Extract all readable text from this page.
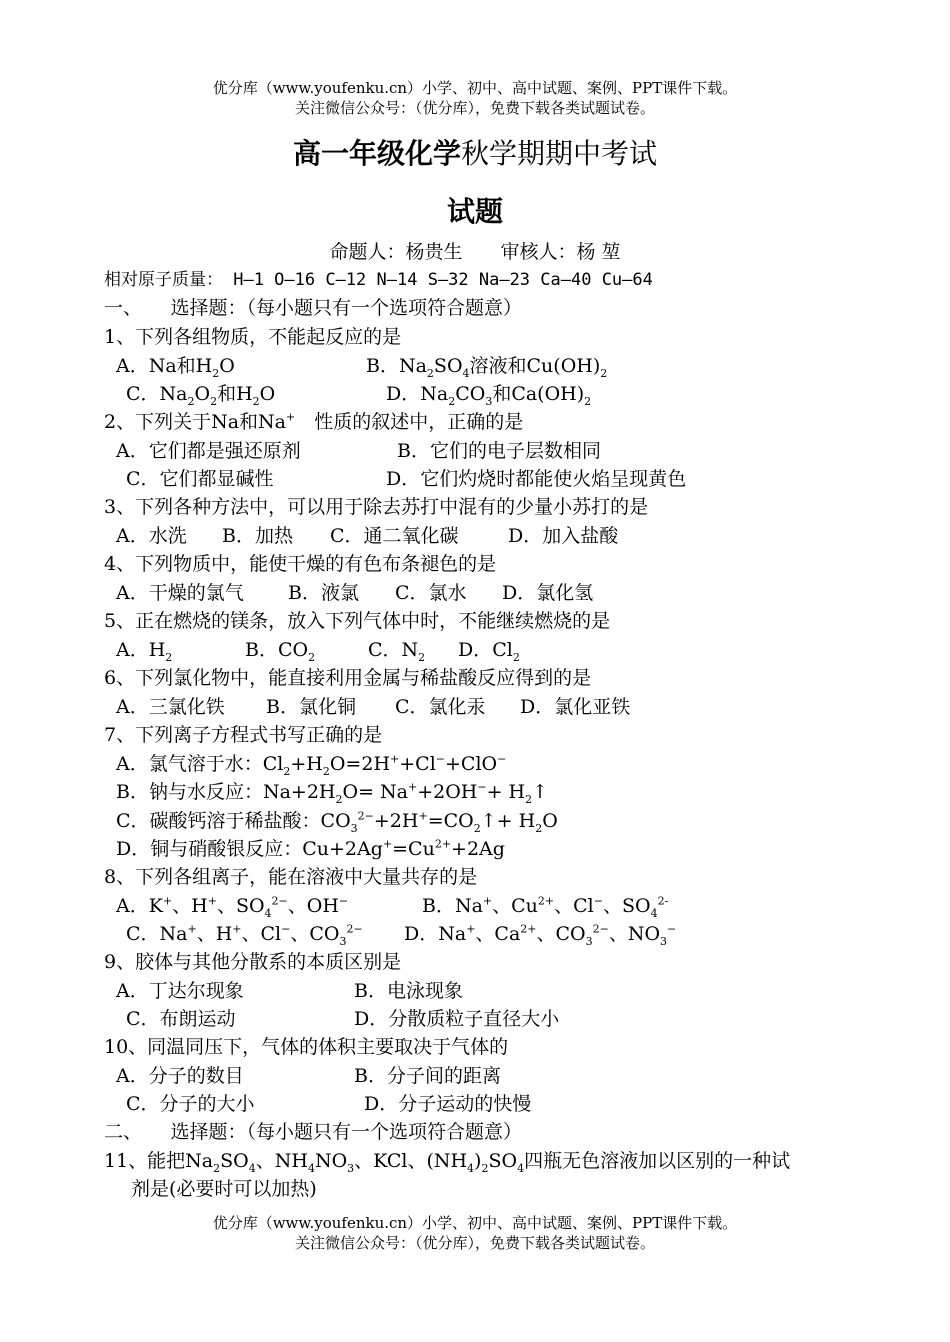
优分库（www.youfenku.cn）小学、初中、高中试题、案例、PPT课件下载。
关注微信公众号：（优分库），免费下载各类试题试卷。
高一年级化学秋学期期中考试
试题
命题人：杨贵生　　审核人：杨 堃
相对原子质量： H—1 O—16 C—12 N—14 S—32 Na—23 Ca—40 Cu—64
一、　　选择题：（每小题只有一个选项符合题意）
1、下列各组物质，不能起反应的是
A．Na和$H_2O$	B．$Na_2SO_4$溶液和$Cu(OH)_2$
C．$Na_2O_2$和$H_2O$	D．$Na_2CO_3$和$Ca(OH)_2$
2、下列关于Na和Na+　性质的叙述中，正确的是
A．它们都是强还原剂	B．它们的电子层数相同
C．它们都显碱性	D．它们灼烧时都能使火焰呈现黄色
3、下列各种方法中，可以用于除去苏打中混有的少量小苏打的是
A．水洗 B．加热 C．通二氧化碳	D．加入盐酸
4、下列物质中，能使干燥的有色布条褪色的是
A．干燥的氯气 B．液氯 C．氯水 D．氯化氢
5、正在燃烧的镁条，放入下列气体中时，不能继续燃烧的是
A．$H_2$	B．$CO_2$	C．$N_2$ D．$Cl_2$
6、下列氯化物中，能直接利用金属与稀盐酸反应得到的是
A．三氯化铁 B．氯化铜 C．氯化汞 D．氯化亚铁
7、下列离子方程式书写正确的是
A．氯气溶于水：$Cl_2+H_2O=2H^++Cl^-+ClO^-$
B．钠与水反应：$Na+2H_2O= Na^++2OH^-+$ $H_2↑$
C．碳酸钙溶于稀盐酸：$CO_3^{2-}+2H^+=CO_2↑+ H_2O$
D．铜与硝酸银反应：$Cu+2Ag^+=Cu^{2+}+2Ag$
8、下列各组离子，能在溶液中大量共存的是
A．K+、H+、$SO_4^{2-}$、OH−	B．Na+、$Cu^{2+}$、Cl−、$SO_4^{2-}$
C．Na+、H+、Cl−、$CO_3^{2-}$ D．Na+、$Ca^{2+}$、$CO_3^{2-}$、$NO_3^-$
9、胶体与其他分散系的本质区别是
A．丁达尔现象	B．电泳现象
C．布朗运动	D．分散质粒子直径大小
10、同温同压下，气体的体积主要取决于气体的
A．分子的数目	B．分子间的距离
C．分子的大小	D．分子运动的快慢
二、　　选择题：（每小题只有一个选项符合题意）
11、能把$Na_2SO_4$、$NH_4NO_3$、KCl、$(NH_4)_2SO_4$四瓶无色溶液加以区别的一种试
剂是(必要时可以加热)
优分库（www.youfenku.cn）小学、初中、高中试题、案例、PPT课件下载。
关注微信公众号：（优分库），免费下载各类试题试卷。
